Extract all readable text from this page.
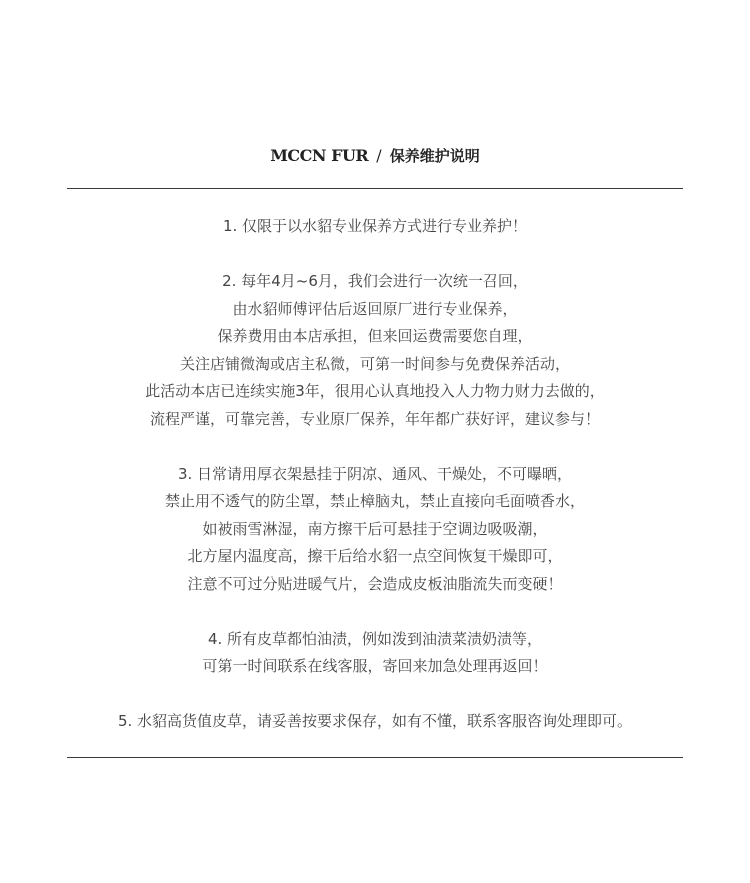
MCCN FUR / 保养维护说明
1. 仅限于以水貂专业保养方式进行专业养护！
2. 每年4月~6月，我们会进行一次统一召回，
由水貂师傅评估后返回原厂进行专业保养，
保养费用由本店承担，但来回运费需要您自理，
关注店铺微淘或店主私微，可第一时间参与免费保养活动，
此活动本店已连续实施3年，很用心认真地投入人力物力财力去做的，
流程严谨，可靠完善，专业原厂保养，年年都广获好评，建议参与！
3. 日常请用厚衣架悬挂于阴凉、通风、干燥处，不可曝晒，
禁止用不透气的防尘罩，禁止樟脑丸，禁止直接向毛面喷香水，
如被雨雪淋湿，南方擦干后可悬挂于空调边吸吸潮，
北方屋内温度高，擦干后给水貂一点空间恢复干燥即可，
注意不可过分贴进暖气片，会造成皮板油脂流失而变硬！
4. 所有皮草都怕油渍，例如泼到油渍菜渍奶渍等，
可第一时间联系在线客服，寄回来加急处理再返回！
5. 水貂高货值皮草，请妥善按要求保存，如有不懂，联系客服咨询处理即可。
